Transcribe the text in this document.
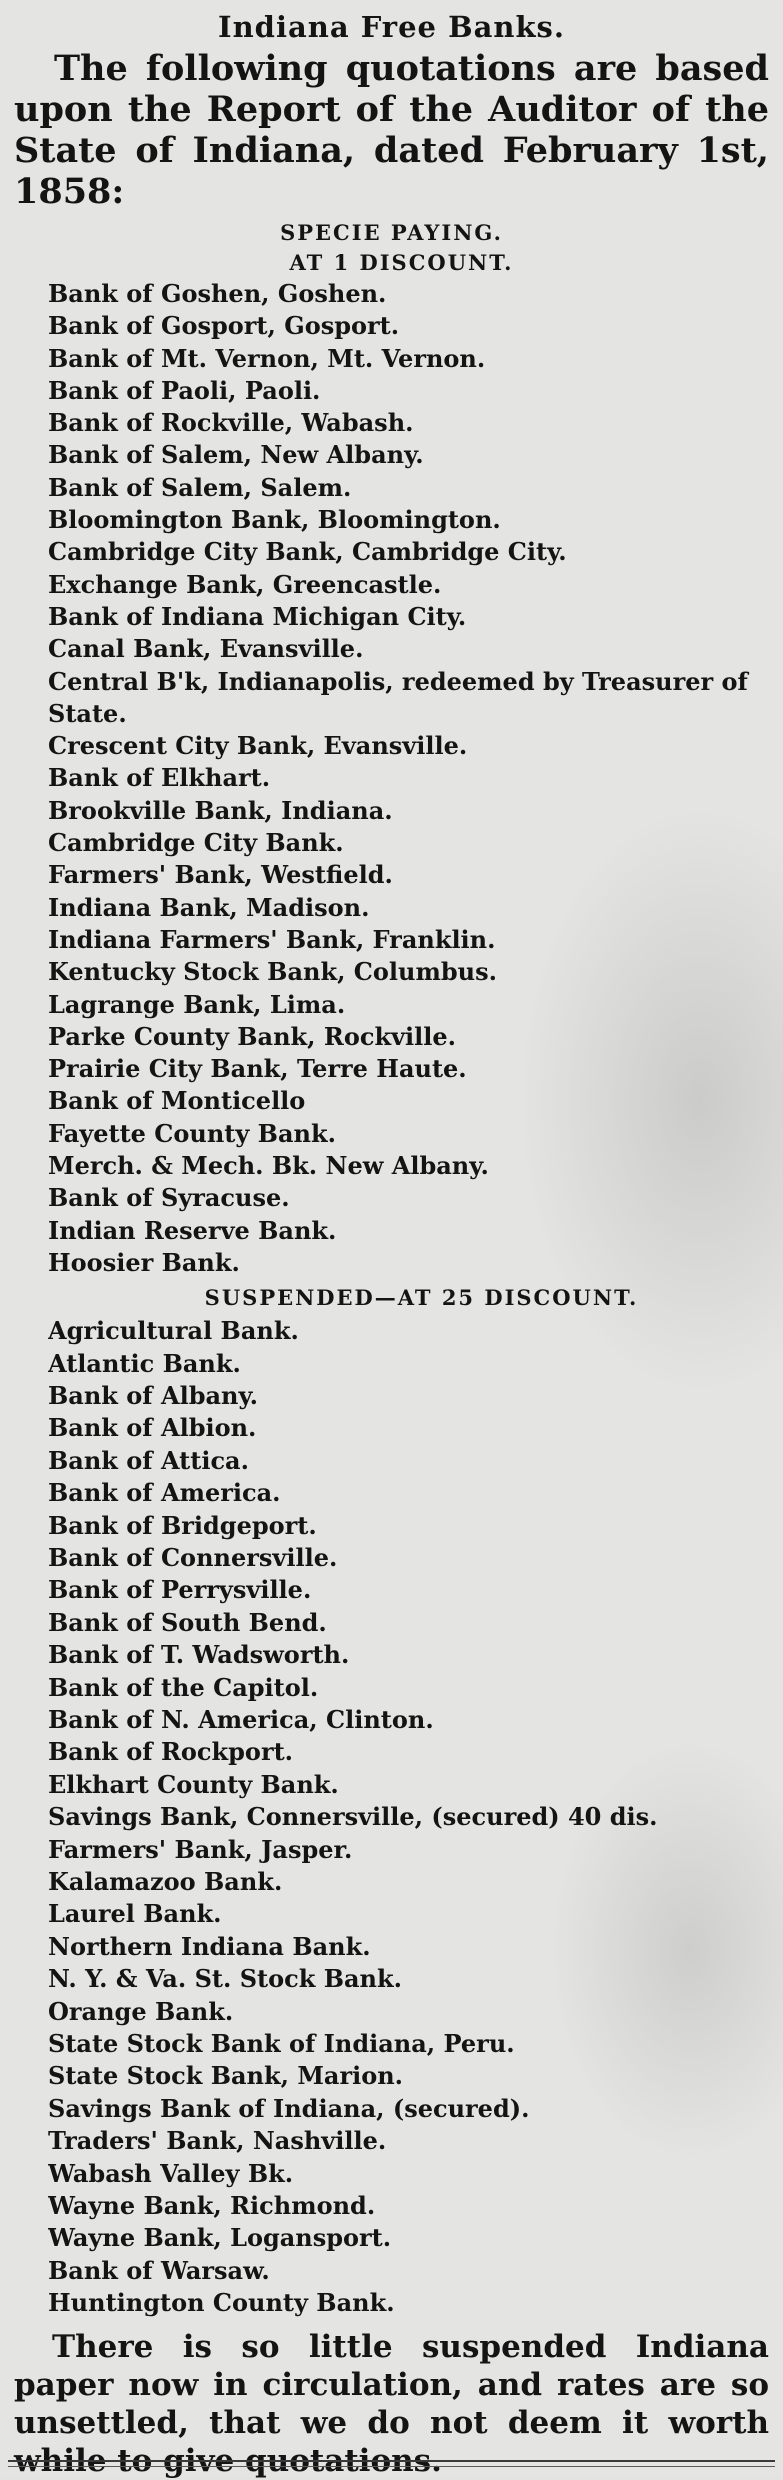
Indiana Free Banks.

The following quotations are based upon the Report of the Auditor of the State of Indiana, dated February 1st, 1858:

SPECIE PAYING.
AT 1 DISCOUNT.
Bank of Goshen, Goshen.
Bank of Gosport, Gosport.
Bank of Mt. Vernon, Mt. Vernon.
Bank of Paoli, Paoli.
Bank of Rockville, Wabash.
Bank of Salem, New Albany.
Bank of Salem, Salem.
Bloomington Bank, Bloomington.
Cambridge City Bank, Cambridge City.
Exchange Bank, Greencastle.
Bank of Indiana Michigan City.
Canal Bank, Evansville.
Central B'k, Indianapolis, redeemed by Treasurer of State.
Crescent City Bank, Evansville.
Bank of Elkhart.
Brookville Bank, Indiana.
Cambridge City Bank.
Farmers' Bank, Westfield.
Indiana Bank, Madison.
Indiana Farmers' Bank, Franklin.
Kentucky Stock Bank, Columbus.
Lagrange Bank, Lima.
Parke County Bank, Rockville.
Prairie City Bank, Terre Haute.
Bank of Monticello
Fayette County Bank.
Merch. & Mech. Bk. New Albany.
Bank of Syracuse.
Indian Reserve Bank.
Hoosier Bank.
SUSPENDED—AT 25 DISCOUNT.
Agricultural Bank.
Atlantic Bank.
Bank of Albany.
Bank of Albion.
Bank of Attica.
Bank of America.
Bank of Bridgeport.
Bank of Connersville.
Bank of Perrysville.
Bank of South Bend.
Bank of T. Wadsworth.
Bank of the Capitol.
Bank of N. America, Clinton.
Bank of Rockport.
Elkhart County Bank.
Savings Bank, Connersville, (secured) 40 dis.
Farmers' Bank, Jasper.
Kalamazoo Bank.
Laurel Bank.
Northern Indiana Bank.
N. Y. & Va. St. Stock Bank.
Orange Bank.
State Stock Bank of Indiana, Peru.
State Stock Bank, Marion.
Savings Bank of Indiana, (secured).
Traders' Bank, Nashville.
Wabash Valley Bk.
Wayne Bank, Richmond.
Wayne Bank, Logansport.
Bank of Warsaw.
Huntington County Bank.

There is so little suspended Indiana paper now in circulation, and rates are so unsettled, that we do not deem it worth while to give quotations.
